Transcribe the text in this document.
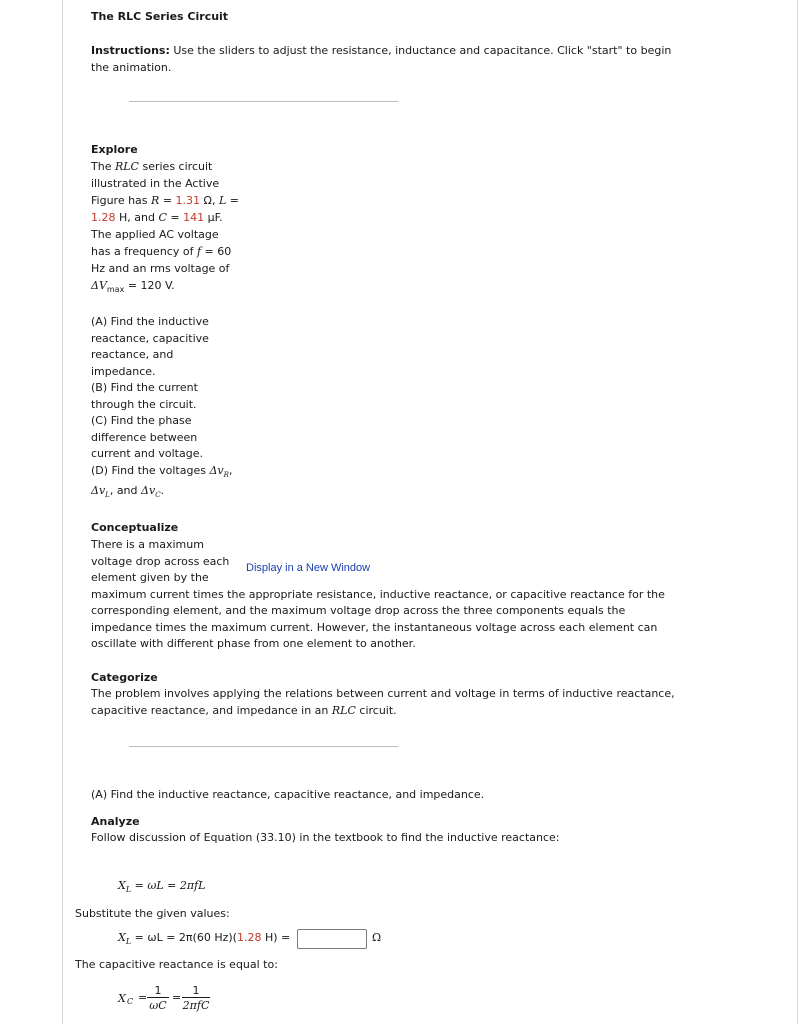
The RLC Series Circuit
Instructions: Use the sliders to adjust the resistance, inductance and capacitance. Click "start" to begin the animation.
Explore
The RLC series circuit illustrated in the Active Figure has R = 1.31 Ω, L = 1.28 H, and C = 141 μF. The applied AC voltage has a frequency of f = 60 Hz and an rms voltage of $\Delta V_{max} = 120$ V.
(A) Find the inductive reactance, capacitive reactance, and impedance.
(B) Find the current through the circuit.
(C) Find the phase difference between current and voltage.
(D) Find the voltages $\Delta v_R$, $\Delta v_L$, and $\Delta v_C$.
Conceptualize
There is a maximum voltage drop across each element given by the
maximum current times the appropriate resistance, inductive reactance, or capacitive reactance for the corresponding element, and the maximum voltage drop across the three components equals the impedance times the maximum current. However, the instantaneous voltage across each element can oscillate with different phase from one element to another.
Display in a New Window
Categorize
The problem involves applying the relations between current and voltage in terms of inductive reactance, capacitive reactance, and impedance in an RLC circuit.
(A) Find the inductive reactance, capacitive reactance, and impedance.
Analyze
Follow discussion of Equation (33.10) in the textbook to find the inductive reactance:
$X_L = \omega L = 2\pi fL$
Substitute the given values:
$X_L = \omega L = 2\pi(60$ Hz)(1.28 H) =	Ω
The capacitive reactance is equal to:
X $C = \frac{1}{\omega C}$ =
1
2πfC
